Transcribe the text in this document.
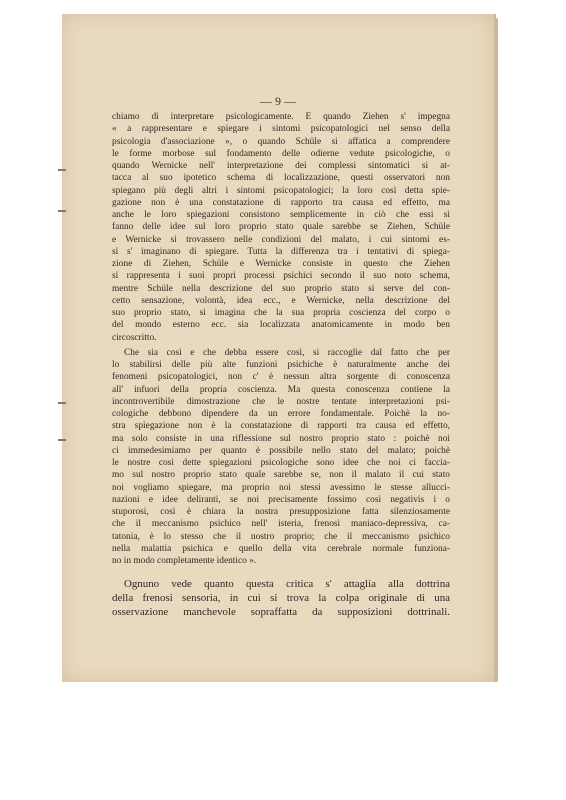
— 9 —
chiamo di interpretare psicologicamente. E quando Ziehen s' impegna
« a rappresentare e spiegare i sintomi psicopatologici nel senso della
psicologia d'associazione », o quando Schüle si affatica a comprendere
le forme morbose sul fondamento delle odierne vedute psicologiche, o
quando Wernicke nell' interpretazione dei complessi sintomatici si at-
tacca al suo ipotetico schema di localizzazione, questi osservatori non
spiegano più degli altri i sintomi psicopatologici; la loro così detta spie-
gazione non è una constatazione di rapporto tra causa ed effetto, ma
anche le loro spiegazioni consistono semplicemente in ciò che essi si
fanno delle idee sul loro proprio stato quale sarebbe se Ziehen, Schüle
e Wernicke si trovassero nelle condizioni del malato, i cui sintomi es-
si s' imaginano di spiegare. Tutta la differenza tra i tentativi di spiega-
zione di Ziehen, Schüle e Wernicke consiste in questo che Ziehen
si rappresenta i suoi propri processi psichici secondo il suo noto schema,
mentre Schüle nella descrizione del suo proprio stato si serve del con-
cetto sensazione, volontà, idea ecc., e Wernicke, nella descrizione del
suo proprio stato, si imagina che la sua propria coscienza del corpo o
del mondo esterno ecc. sia localizzata anatomicamente in modo ben
circoscritto.
Che sia così e che debba essere così, si raccoglie dal fatto che per
lo stabilirsi delle più alte funzioni psichiche è naturalmente anche dei
fenomeni psicopatologici, non c' è nessun altra sorgente di conoscenza
all' infuori della propria coscienza. Ma questa conoscenza contiene la
incontrovertibile dimostrazione che le nostre tentate interpretazioni psi-
cologiche debbono dipendere da un errore fondamentale. Poichè la no-
stra spiegazione non è la constatazione di rapporti tra causa ed effetto,
ma solo consiste in una riflessione sul nostro proprio stato : poichè noi
ci immedesimiamo per quanto è possibile nello stato del malato; poichè
le nostre così dette spiegazioni psicologiche sono idee che noi ci faccia-
mo sul nostro proprio stato quale sarebbe se, non il malato il cui stato
noi vogliamo spiegare, ma proprio noi stessi avessimo le stesse allucci-
nazioni e idee deliranti, se noi precisamente fossimo così negativis i o
stuporosi, così è chiara la nostra presupposizione fatta silenziosamente
che il meccanismo psichico nell' isteria, frenosi maniaco-depressiva, ca-
tatonia, è lo stesso che il nostro proprio; che il meccanismo psichico
nella malattia psichica e quello della vita cerebrale normale funziona-
no in modo completamente identico ».
Ognuno vede quanto questa critica s' attaglia alla dottrina
della frenosi sensoria, in cui si trova la colpa originale di una
osservazione manchevole sopraffatta da supposizioni dottrinali.
